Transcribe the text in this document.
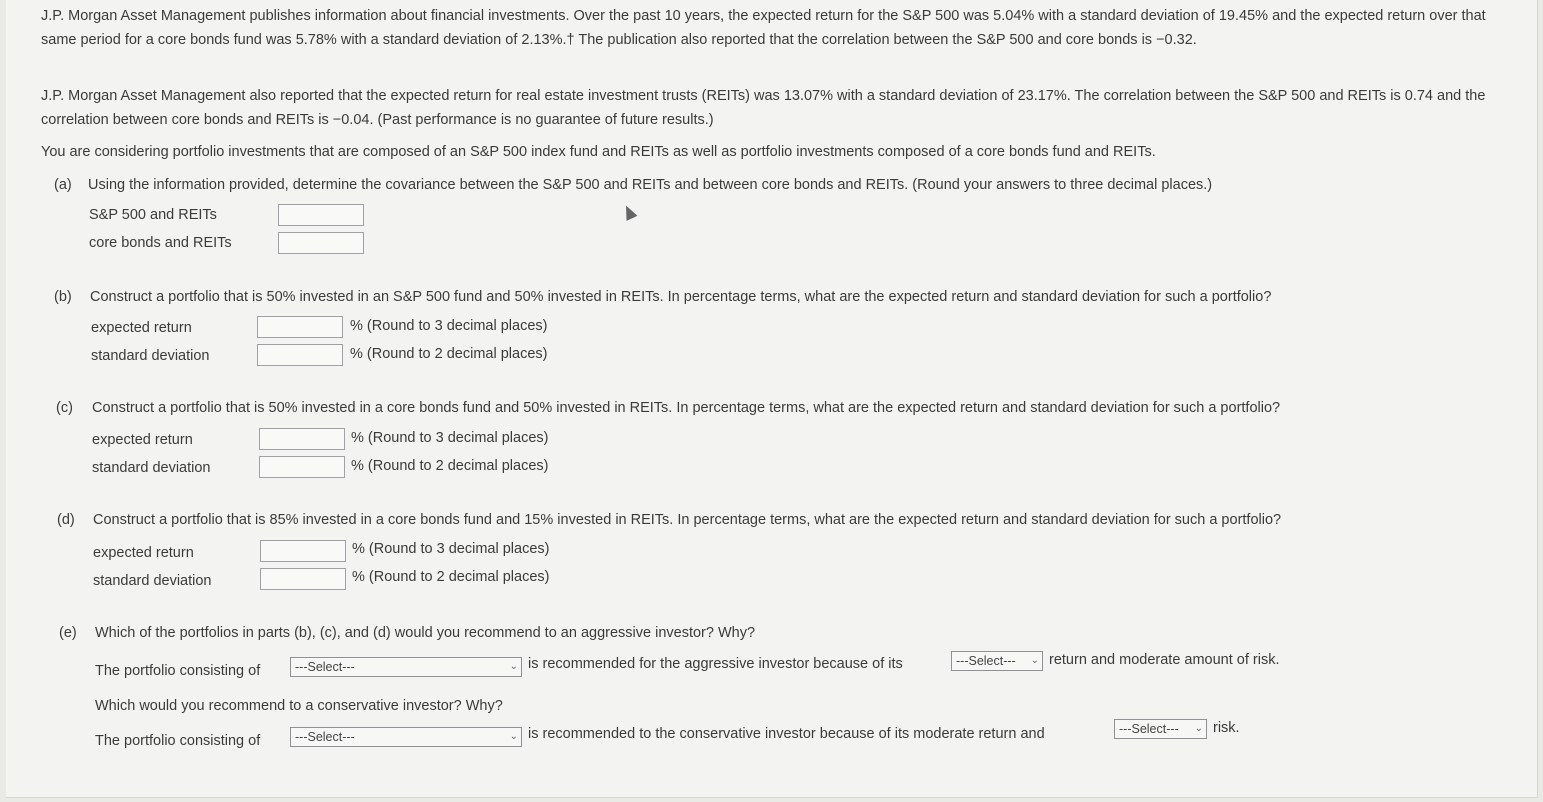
J.P. Morgan Asset Management publishes information about financial investments. Over the past 10 years, the expected return for the S&P 500 was 5.04% with a standard deviation of 19.45% and the expected return over that same period for a core bonds fund was 5.78% with a standard deviation of 2.13%.† The publication also reported that the correlation between the S&P 500 and core bonds is −0.32.
J.P. Morgan Asset Management also reported that the expected return for real estate investment trusts (REITs) was 13.07% with a standard deviation of 23.17%. The correlation between the S&P 500 and REITs is 0.74 and the correlation between core bonds and REITs is −0.04. (Past performance is no guarantee of future results.)
You are considering portfolio investments that are composed of an S&P 500 index fund and REITs as well as portfolio investments composed of a core bonds fund and REITs.
(a) Using the information provided, determine the covariance between the S&P 500 and REITs and between core bonds and REITs. (Round your answers to three decimal places.)
S&P 500 and REITs
core bonds and REITs
(b) Construct a portfolio that is 50% invested in an S&P 500 fund and 50% invested in REITs. In percentage terms, what are the expected return and standard deviation for such a portfolio?
expected return	% (Round to 3 decimal places)
standard deviation	% (Round to 2 decimal places)
(c) Construct a portfolio that is 50% invested in a core bonds fund and 50% invested in REITs. In percentage terms, what are the expected return and standard deviation for such a portfolio?
expected return	% (Round to 3 decimal places)
standard deviation	% (Round to 2 decimal places)
(d) Construct a portfolio that is 85% invested in a core bonds fund and 15% invested in REITs. In percentage terms, what are the expected return and standard deviation for such a portfolio?
expected return	% (Round to 3 decimal places)
standard deviation	% (Round to 2 decimal places)
(e) Which of the portfolios in parts (b), (c), and (d) would you recommend to an aggressive investor? Why?
The portfolio consisting of	---Select---	⌄ is recommended for the aggressive investor because of its	---Select--- ⌄ return and moderate amount of risk.
Which would you recommend to a conservative investor? Why?
The portfolio consisting of	---Select---	⌄ is recommended to the conservative investor because of its moderate return and	---Select--- ⌄ risk.
